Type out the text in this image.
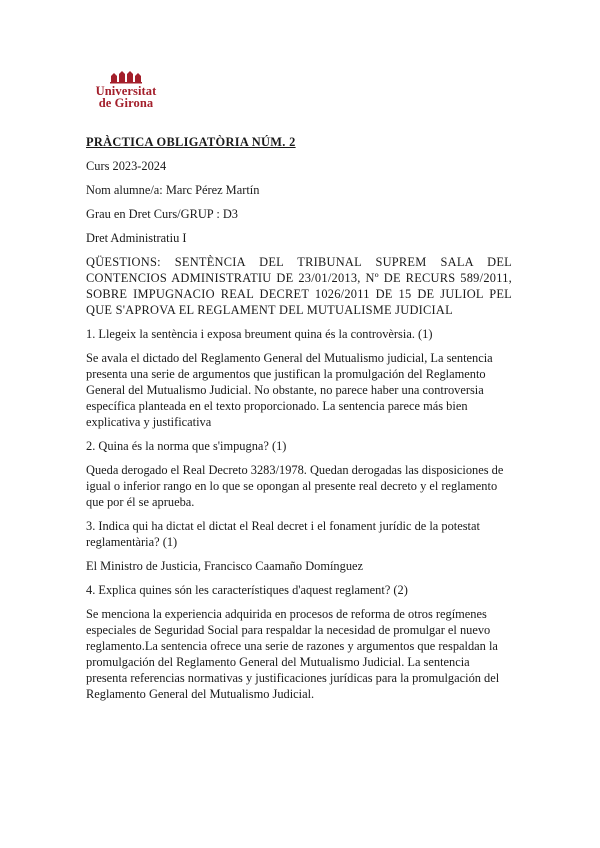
Universitat
de Girona

PRÀCTICA OBLIGATÒRIA NÚM. 2

Curs 2023-2024

Nom alumne/a: Marc Pérez Martín

Grau en Dret Curs/GRUP : D3

Dret Administratiu I

QÜESTIONS: SENTÈNCIA DEL TRIBUNAL SUPREM SALA DEL CONTENCIOS ADMINISTRATIU DE 23/01/2013, Nº DE RECURS 589/2011, SOBRE IMPUGNACIO REAL DECRET 1026/2011 DE 15 DE JULIOL PEL QUE S'APROVA EL REGLAMENT DEL MUTUALISME JUDICIAL

1. Llegeix la sentència i exposa breument quina és la controvèrsia. (1)

Se avala el dictado del Reglamento General del Mutualismo judicial, La sentencia presenta una serie de argumentos que justifican la promulgación del Reglamento General del Mutualismo Judicial. No obstante, no parece haber una controversia específica planteada en el texto proporcionado. La sentencia parece más bien explicativa y justificativa

2. Quina és la norma que s'impugna? (1)

Queda derogado el Real Decreto 3283/1978. Quedan derogadas las disposiciones de igual o inferior rango en lo que se opongan al presente real decreto y el reglamento que por él se aprueba.

3. Indica qui ha dictat el dictat el Real decret i el fonament jurídic de la potestat reglamentària? (1)

El Ministro de Justicia, Francisco Caamaño Domínguez

4. Explica quines són les característiques d'aquest reglament? (2)

Se menciona la experiencia adquirida en procesos de reforma de otros regímenes especiales de Seguridad Social para respaldar la necesidad de promulgar el nuevo reglamento.La sentencia ofrece una serie de razones y argumentos que respaldan la promulgación del Reglamento General del Mutualismo Judicial. La sentencia presenta referencias normativas y justificaciones jurídicas para la promulgación del Reglamento General del Mutualismo Judicial.
